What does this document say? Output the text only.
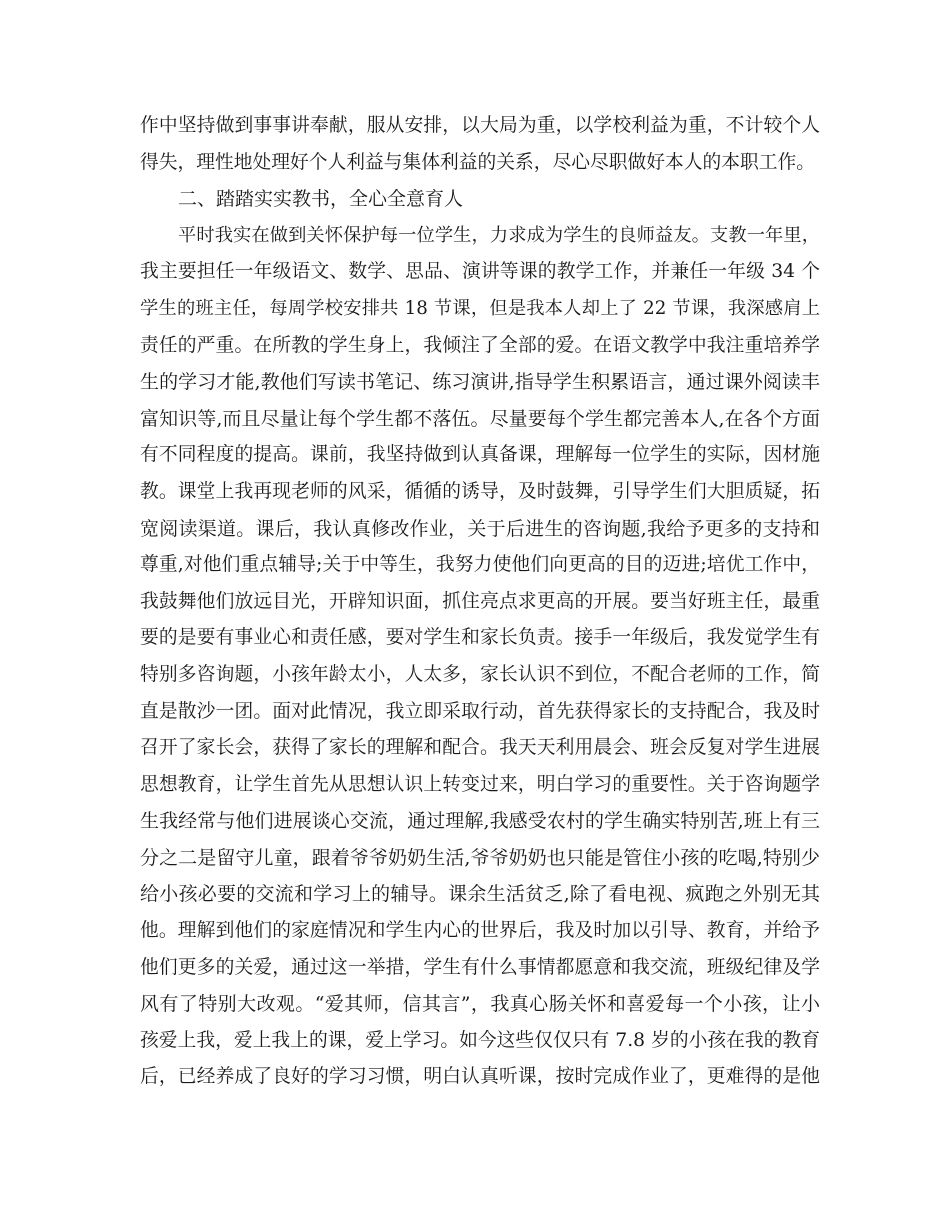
作中坚持做到事事讲奉献，服从安排，以大局为重，以学校利益为重，不计较个人
得失，理性地处理好个人利益与集体利益的关系，尽心尽职做好本人的本职工作。
二、踏踏实实教书，全心全意育人
平时我实在做到关怀保护每一位学生，力求成为学生的良师益友。支教一年里，
我主要担任一年级语文、数学、思品、演讲等课的教学工作，并兼任一年级 34 个
学生的班主任，每周学校安排共 18 节课，但是我本人却上了 22 节课，我深感肩上
责任的严重。在所教的学生身上，我倾注了全部的爱。在语文教学中我注重培养学
生的学习才能,教他们写读书笔记、练习演讲,指导学生积累语言，通过课外阅读丰
富知识等,而且尽量让每个学生都不落伍。尽量要每个学生都完善本人,在各个方面
有不同程度的提高。课前，我坚持做到认真备课，理解每一位学生的实际，因材施
教。课堂上我再现老师的风采，循循的诱导，及时鼓舞，引导学生们大胆质疑，拓
宽阅读渠道。课后，我认真修改作业，关于后进生的咨询题,我给予更多的支持和
尊重,对他们重点辅导;关于中等生，我努力使他们向更高的目的迈进;培优工作中，
我鼓舞他们放远目光，开辟知识面，抓住亮点求更高的开展。要当好班主任，最重
要的是要有事业心和责任感，要对学生和家长负责。接手一年级后，我发觉学生有
特别多咨询题，小孩年龄太小，人太多，家长认识不到位，不配合老师的工作，简
直是散沙一团。面对此情况，我立即采取行动，首先获得家长的支持配合，我及时
召开了家长会，获得了家长的理解和配合。我天天利用晨会、班会反复对学生进展
思想教育，让学生首先从思想认识上转变过来，明白学习的重要性。关于咨询题学
生我经常与他们进展谈心交流，通过理解,我感受农村的学生确实特别苦,班上有三
分之二是留守儿童，跟着爷爷奶奶生活,爷爷奶奶也只能是管住小孩的吃喝,特别少
给小孩必要的交流和学习上的辅导。课余生活贫乏,除了看电视、疯跑之外别无其
他。理解到他们的家庭情况和学生内心的世界后，我及时加以引导、教育，并给予
他们更多的关爱，通过这一举措，学生有什么事情都愿意和我交流，班级纪律及学
风有了特别大改观。“爱其师，信其言”，我真心肠关怀和喜爱每一个小孩，让小
孩爱上我，爱上我上的课，爱上学习。如今这些仅仅只有 7.8 岁的小孩在我的教育
后，已经养成了良好的学习习惯，明白认真听课，按时完成作业了，更难得的是他
